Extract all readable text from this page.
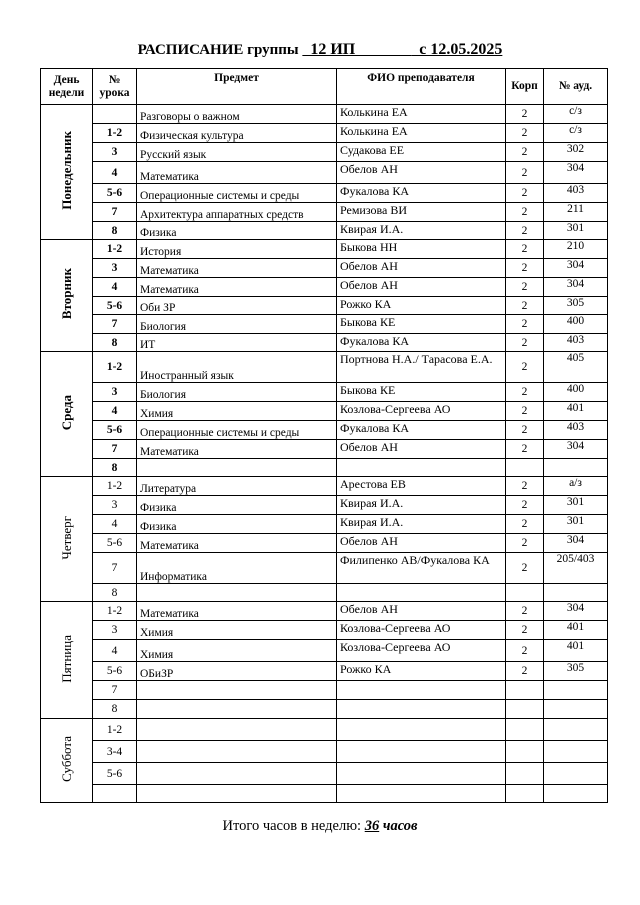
РАСПИСАНИЕ группы   12 ИП                с 12.05.2025
День недели	№ урока	Предмет	ФИО преподавателя	Корп	№ ауд.
Понедельник		Разговоры о важном	Колькина ЕА	2	с/з
	1-2	Физическая культура	Колькина ЕА	2	с/з
	3	Русский язык	Судакова ЕЕ	2	302
	4	Математика	Обелов АН	2	304
	5-6	Операционные системы и среды	Фукалова КА	2	403
	7	Архитектура аппаратных средств	Ремизова ВИ	2	211
	8	Физика	Квирая И.А.	2	301
Вторник	1-2	История	Быкова НН	2	210
	3	Математика	Обелов АН	2	304
	4	Математика	Обелов АН	2	304
	5-6	Оби ЗР	Рожко КА	2	305
	7	Биология	Быкова КЕ	2	400
	8	ИТ	Фукалова КА	2	403
Среда	1-2	Иностранный язык	Портнова Н.А./ Тарасова Е.А.	2	405
	3	Биология	Быкова КЕ	2	400
	4	Химия	Козлова-Сергеева АО	2	401
	5-6	Операционные системы и среды	Фукалова КА	2	403
	7	Математика	Обелов АН	2	304
	8				
Четверг	1-2	Литература	Арестова ЕВ	2	а/з
	3	Физика	Квирая И.А.	2	301
	4	Физика	Квирая И.А.	2	301
	5-6	Математика	Обелов АН	2	304
	7	Информатика	Филипенко АВ/Фукалова КА	2	205/403
	8				
Пятница	1-2	Математика	Обелов АН	2	304
	3	Химия	Козлова-Сергеева АО	2	401
	4	Химия	Козлова-Сергеева АО	2	401
	5-6	ОБиЗР	Рожко КА	2	305
	7				
	8				
Суббота	1-2				
	3-4				
	5-6				

Итого часов в неделю: 36 часов
